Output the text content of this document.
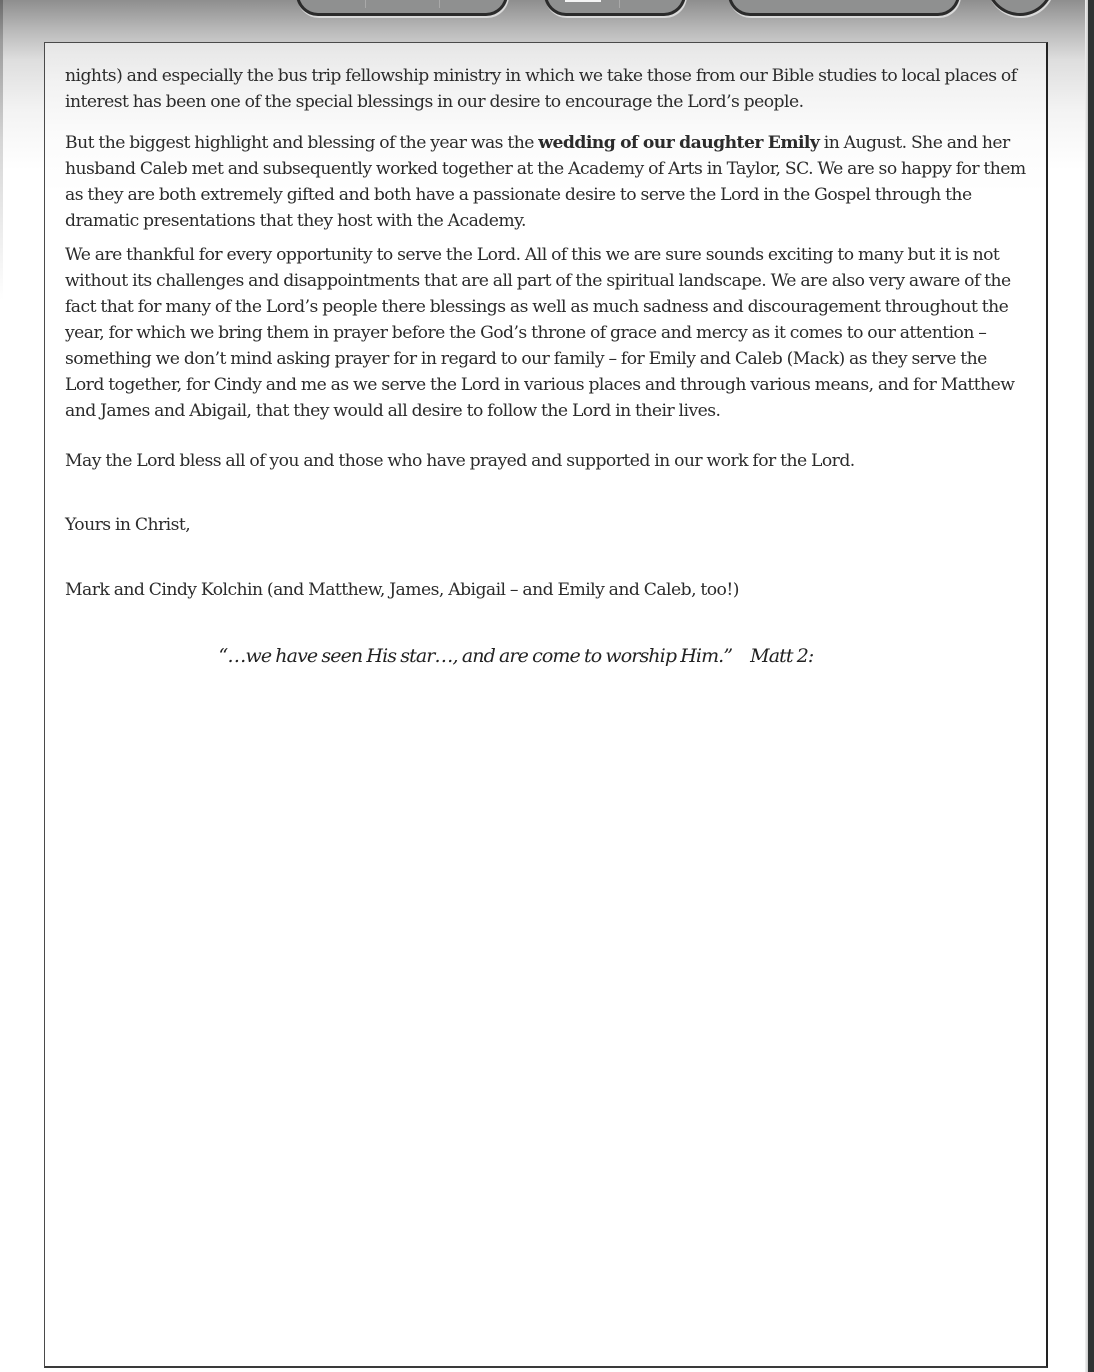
nights) and especially the bus trip fellowship ministry in which we take those from our Bible studies to local places of interest has been one of the special blessings in our desire to encourage the Lord’s people.

But the biggest highlight and blessing of the year was the wedding of our daughter Emily in August. She and her husband Caleb met and subsequently worked together at the Academy of Arts in Taylor, SC. We are so happy for them as they are both extremely gifted and both have a passionate desire to serve the Lord in the Gospel through the dramatic presentations that they host with the Academy.

We are thankful for every opportunity to serve the Lord. All of this we are sure sounds exciting to many but it is not without its challenges and disappointments that are all part of the spiritual landscape. We are also very aware of the fact that for many of the Lord’s people there blessings as well as much sadness and discouragement throughout the year, for which we bring them in prayer before the God’s throne of grace and mercy as it comes to our attention – something we don’t mind asking prayer for in regard to our family – for Emily and Caleb (Mack) as they serve the Lord together, for Cindy and me as we serve the Lord in various places and through various means, and for Matthew and James and Abigail, that they would all desire to follow the Lord in their lives.

May the Lord bless all of you and those who have prayed and supported in our work for the Lord.

Yours in Christ,

Mark and Cindy Kolchin (and Matthew, James, Abigail – and Emily and Caleb, too!)

“…we have seen His star…, and are come to worship Him.” Matt 2:
